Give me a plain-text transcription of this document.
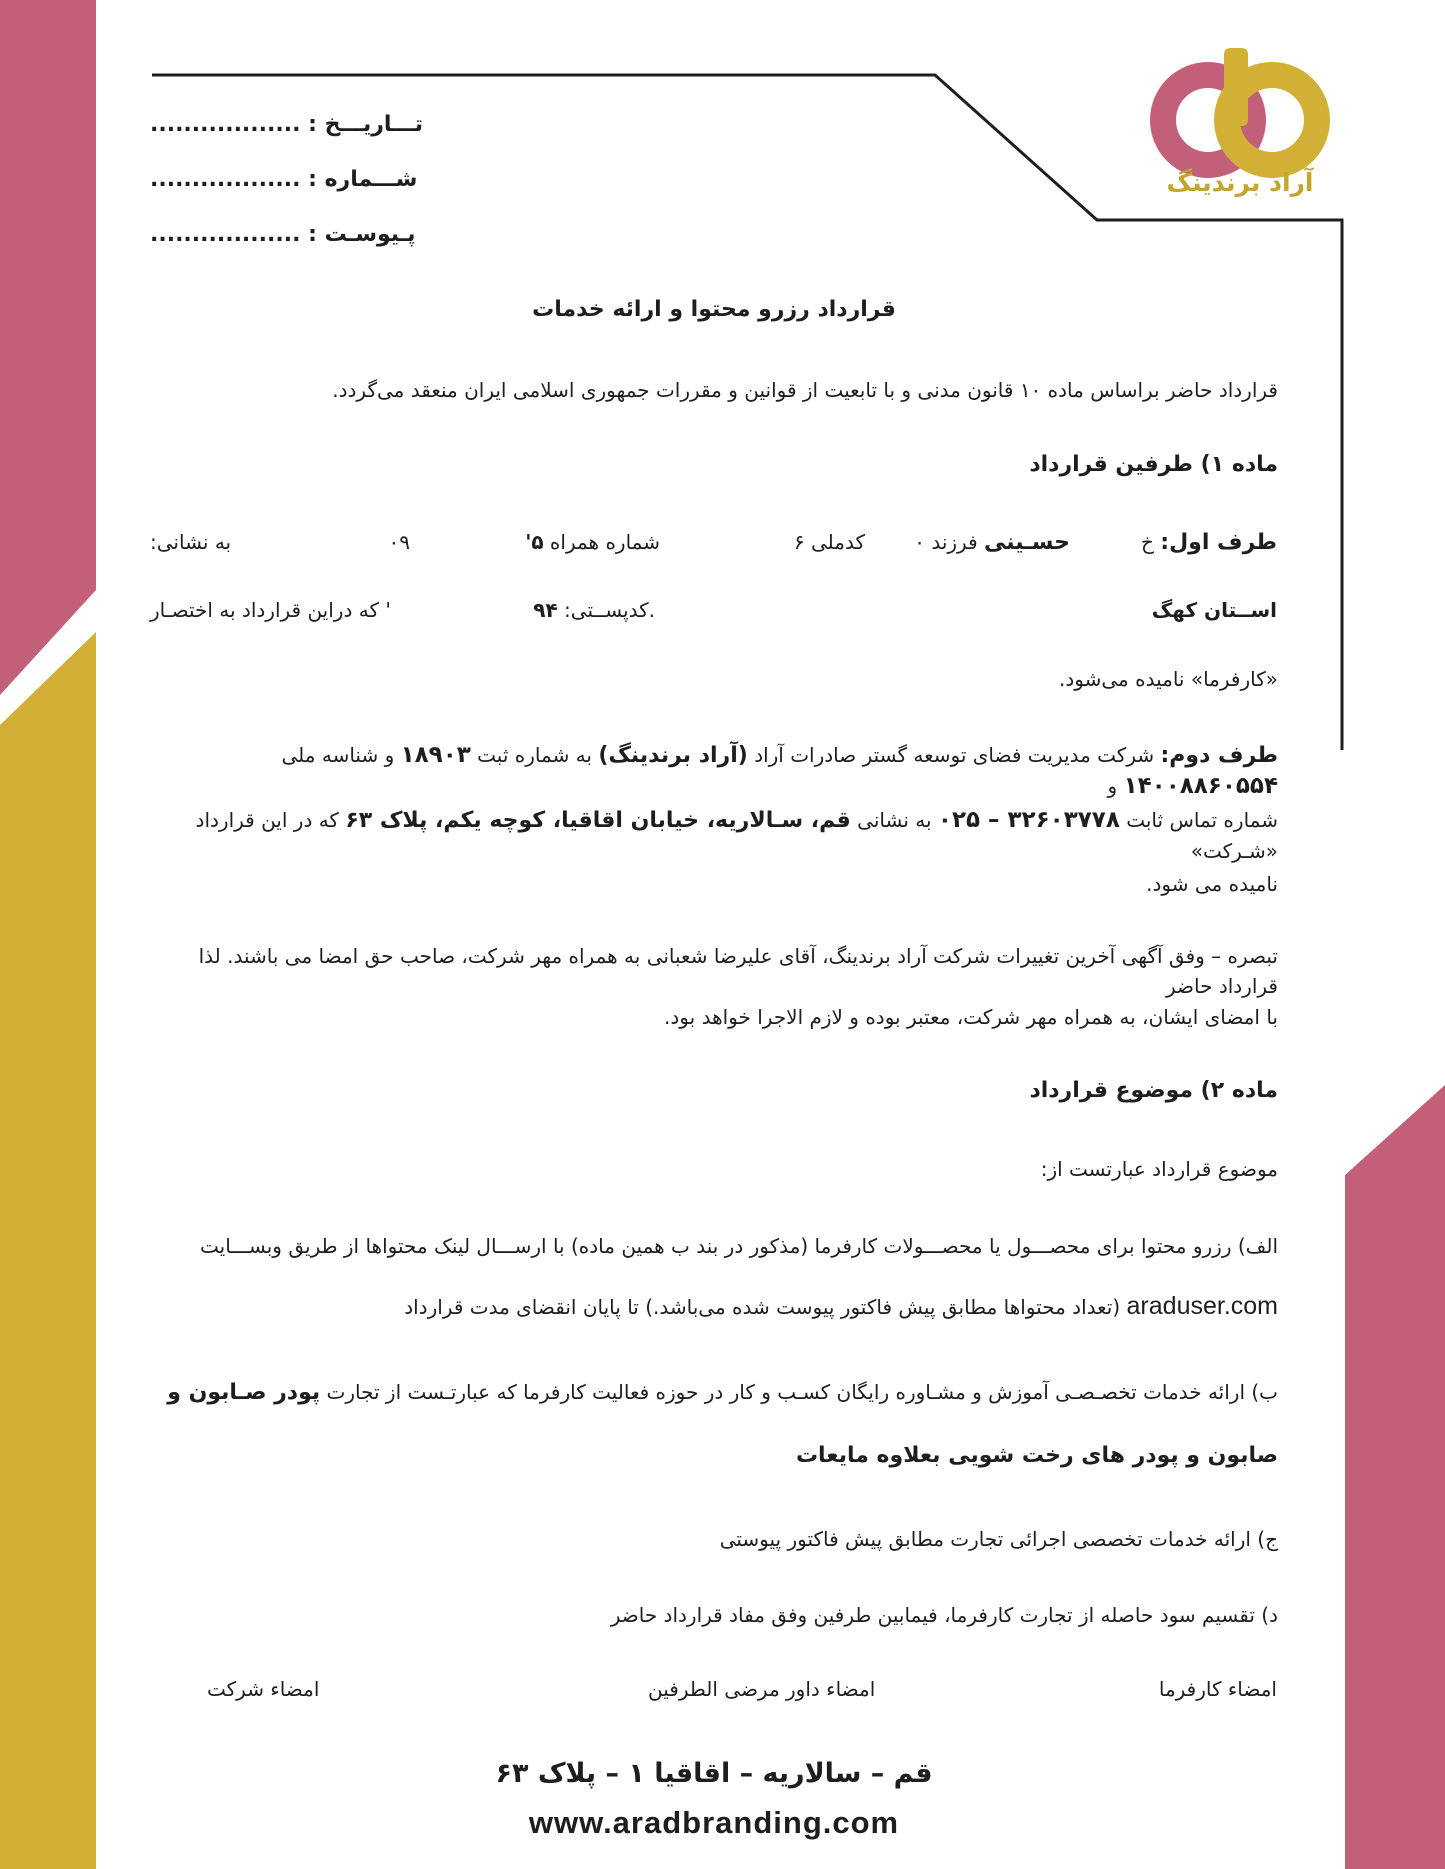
آراد برندینگ
تـــاریـــخ : ..................
شـــماره : ..................
پـیوسـت : ..................
قرارداد رزرو محتوا و ارائه خدمات
قرارداد حاضر براساس ماده ۱۰ قانون مدنی و با تابعیت از قوانین و مقررات جمهوری اسلامی ایران منعقد می‌گردد.
ماده ۱) طرفین قرارداد
طرف اول: خ
حسـینی فرزند ۰
کدملی ۶
شماره همراه ۵'
۰۹
به نشانی:
اســتان کهگ
.کدپســتی: ۹۴
' که دراین قرارداد به اختصـار
«کارفرما» نامیده می‌شود.
طرف دوم: شرکت مدیریت فضای توسعه گستر صادرات آراد (آراد برندینگ) به شماره ثبت ۱۸۹۰۳ و شناسه ملی ۱۴۰۰۸۸۶۰۵۵۴ و
شماره تماس ثابت ۳۲۶۰۳۷۷۸ – ۰۲۵ به نشانی قم، سـالاریه، خیابان اقاقیا، کوچه یکم، پلاک ۶۳ که در این قرارداد «شـرکت»
نامیده می شود.
تبصره – وفق آگهی آخرین تغییرات شرکت آراد برندینگ، آقای علیرضا شعبانی به همراه مهر شرکت، صاحب حق امضا می باشند. لذا قرارداد حاضر
با امضای ایشان، به همراه مهر شرکت، معتبر بوده و لازم الاجرا خواهد بود.
ماده ۲) موضوع قرارداد
موضوع قرارداد عبارتست از:
الف) رزرو محتوا برای محصـــول یا محصـــولات کارفرما (مذکور در بند ب همین ماده) با ارســـال لینک محتواها از طریق وبســـایت
araduser.com (تعداد محتواها مطابق پیش فاکتور پیوست شده می‌باشد.) تا پایان انقضای مدت قرارداد
ب) ارائه خدمات تخصـصـی آموزش و مشـاوره رایگان کسـب و کار در حوزه فعالیت کارفرما که عبارتـست از تجارت پودر صـابون و
صابون و پودر های رخت شویی بعلاوه مایعات
ج) ارائه خدمات تخصصی اجرائی تجارت مطابق پیش فاکتور پیوستی
د) تقسیم سود حاصله از تجارت کارفرما، فیمابین طرفین وفق مفاد قرارداد حاضر
امضاء کارفرما
امضاء داور مرضی الطرفین
امضاء شرکت
قم – سالاریه – اقاقیا ۱ – پلاک ۶۳
www.aradbranding.com
